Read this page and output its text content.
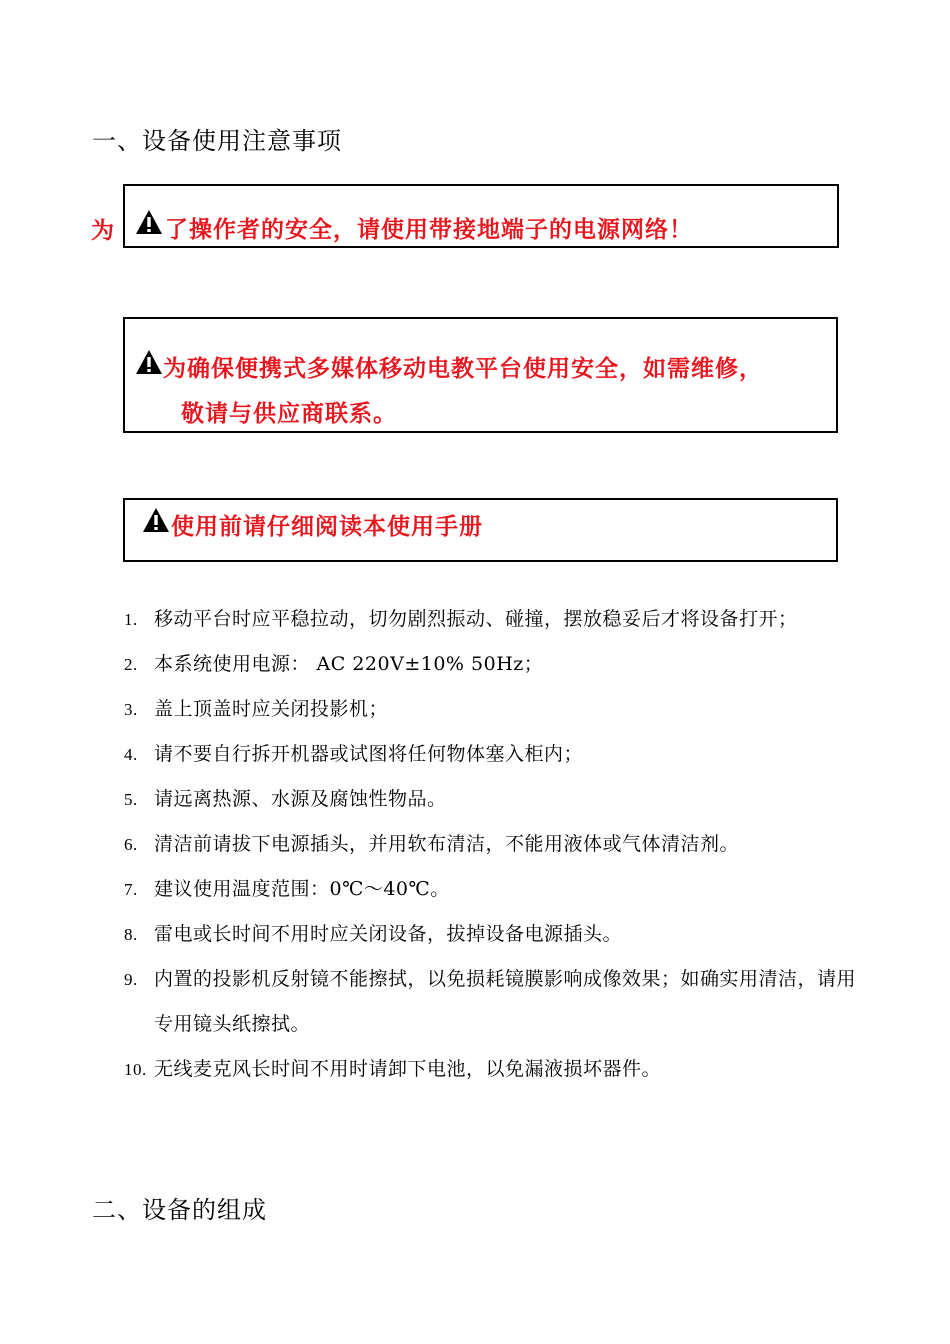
一、设备使用注意事项
为 了操作者的安全，请使用带接地端子的电源网络！
为确保便携式多媒体移动电教平台使用安全，如需维修，
敬请与供应商联系。
使用前请仔细阅读本使用手册
1. 移动平台时应平稳拉动，切勿剧烈振动、碰撞，摆放稳妥后才将设备打开；
2. 本系统使用电源： AC 220V±10% 50Hz；
3. 盖上顶盖时应关闭投影机；
4. 请不要自行拆开机器或试图将任何物体塞入柜内；
5. 请远离热源、水源及腐蚀性物品。
6. 清洁前请拔下电源插头，并用软布清洁，不能用液体或气体清洁剂。
7. 建议使用温度范围：0℃～40℃。
8. 雷电或长时间不用时应关闭设备，拔掉设备电源插头。
9. 内置的投影机反射镜不能擦拭，以免损耗镜膜影响成像效果；如确实用清洁，请用专用镜头纸擦拭。
10. 无线麦克风长时间不用时请卸下电池，以免漏液损坏器件。
二、设备的组成
